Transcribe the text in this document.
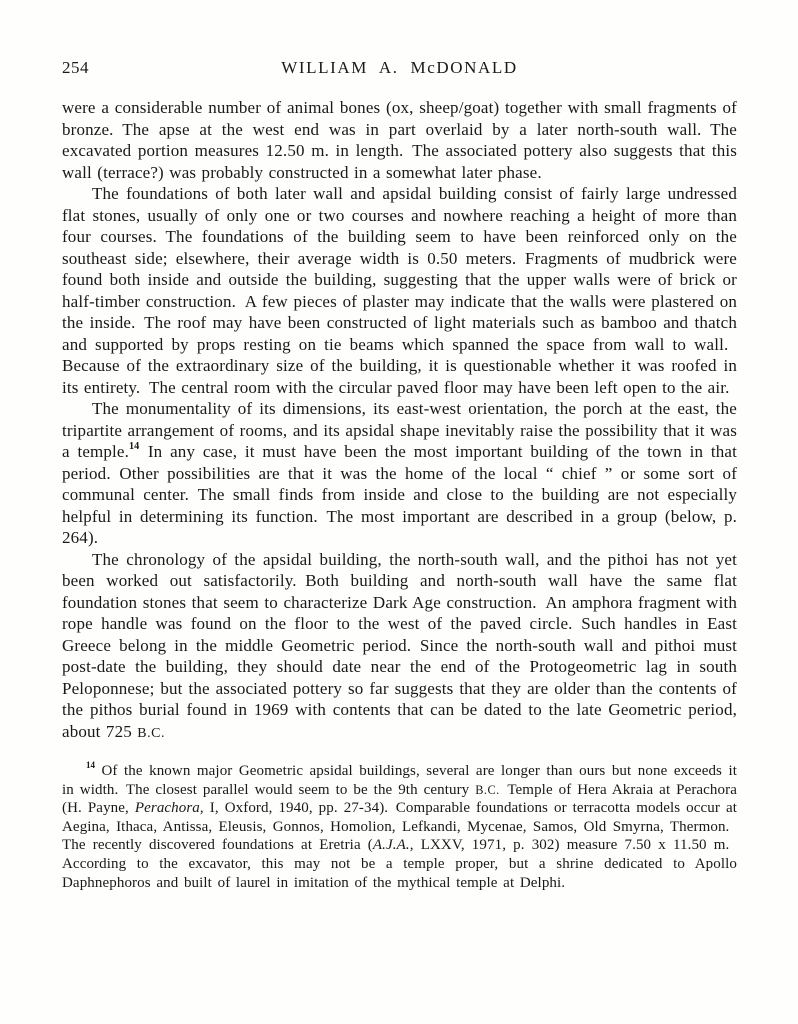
254	WILLIAM A. McDONALD

were a considerable number of animal bones (ox, sheep/goat) together with small fragments of bronze. The apse at the west end was in part overlaid by a later north-south wall. The excavated portion measures 12.50 m. in length. The associated pottery also suggests that this wall (terrace?) was probably constructed in a somewhat later phase.

The foundations of both later wall and apsidal building consist of fairly large undressed flat stones, usually of only one or two courses and nowhere reaching a height of more than four courses. The foundations of the building seem to have been reinforced only on the southeast side; elsewhere, their average width is 0.50 meters. Fragments of mudbrick were found both inside and outside the building, suggesting that the upper walls were of brick or half-timber construction. A few pieces of plaster may indicate that the walls were plastered on the inside. The roof may have been constructed of light materials such as bamboo and thatch and supported by props resting on tie beams which spanned the space from wall to wall. Because of the extraordinary size of the building, it is questionable whether it was roofed in its entirety. The central room with the circular paved floor may have been left open to the air.

The monumentality of its dimensions, its east-west orientation, the porch at the east, the tripartite arrangement of rooms, and its apsidal shape inevitably raise the possibility that it was a temple.$^{14}$ In any case, it must have been the most important building of the town in that period. Other possibilities are that it was the home of the local “ chief ” or some sort of communal center. The small finds from inside and close to the building are not especially helpful in determining its function. The most important are described in a group (below, p. 264).

The chronology of the apsidal building, the north-south wall, and the pithoi has not yet been worked out satisfactorily. Both building and north-south wall have the same flat foundation stones that seem to characterize Dark Age construction. An amphora fragment with rope handle was found on the floor to the west of the paved circle. Such handles in East Greece belong in the middle Geometric period. Since the north-south wall and pithoi must post-date the building, they should date near the end of the Protogeometric lag in south Peloponnese; but the associated pottery so far suggests that they are older than the contents of the pithos burial found in 1969 with contents that can be dated to the late Geometric period, about 725 B.C.

$^{14}$ Of the known major Geometric apsidal buildings, several are longer than ours but none exceeds it in width. The closest parallel would seem to be the 9th century B.C. Temple of Hera Akraia at Perachora (H. Payne, Perachora, I, Oxford, 1940, pp. 27-34). Comparable foundations or terracotta models occur at Aegina, Ithaca, Antissa, Eleusis, Gonnos, Homolion, Lefkandi, Mycenae, Samos, Old Smyrna, Thermon. The recently discovered foundations at Eretria (A.J.A., LXXV, 1971, p. 302) measure 7.50 x 11.50 m. According to the excavator, this may not be a temple proper, but a shrine dedicated to Apollo Daphnephoros and built of laurel in imitation of the mythical temple at Delphi.
